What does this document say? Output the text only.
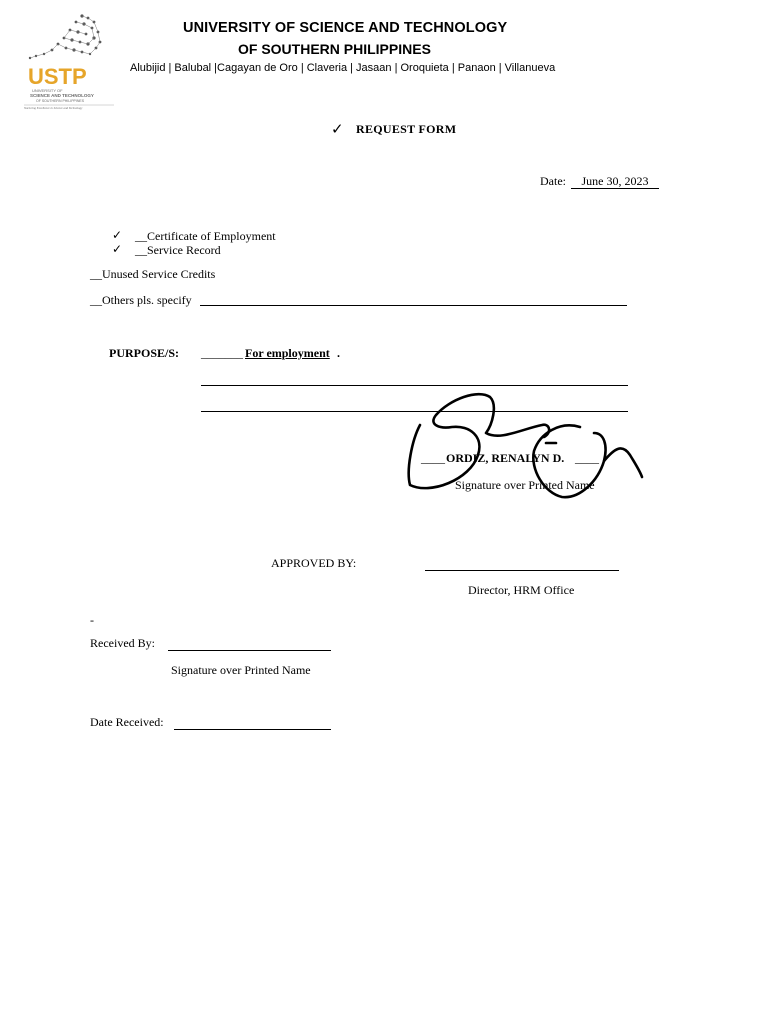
USTP
UNIVERSITY OF
SCIENCE AND TECHNOLOGY
OF SOUTHERN PHILIPPINES
Nurturing Excellence in Science and Technology
UNIVERSITY OF SCIENCE AND TECHNOLOGY
OF SOUTHERN PHILIPPINES
Alubijid | Balubal |Cagayan de Oro | Claveria | Jasaan | Oroquieta | Panaon | Villanueva
✓ REQUEST FORM
Date:	June 30, 2023
✓ __Certificate of Employment
✓ __Service Record
__Unused Service Credits
__Others pls. specify
PURPOSE/S: _______ For employment .
____ ORDIZ, RENALYN D. ____
Signature over Printed Name
APPROVED BY:
Director, HRM Office
-
Received By:
Signature over Printed Name
Date Received:
